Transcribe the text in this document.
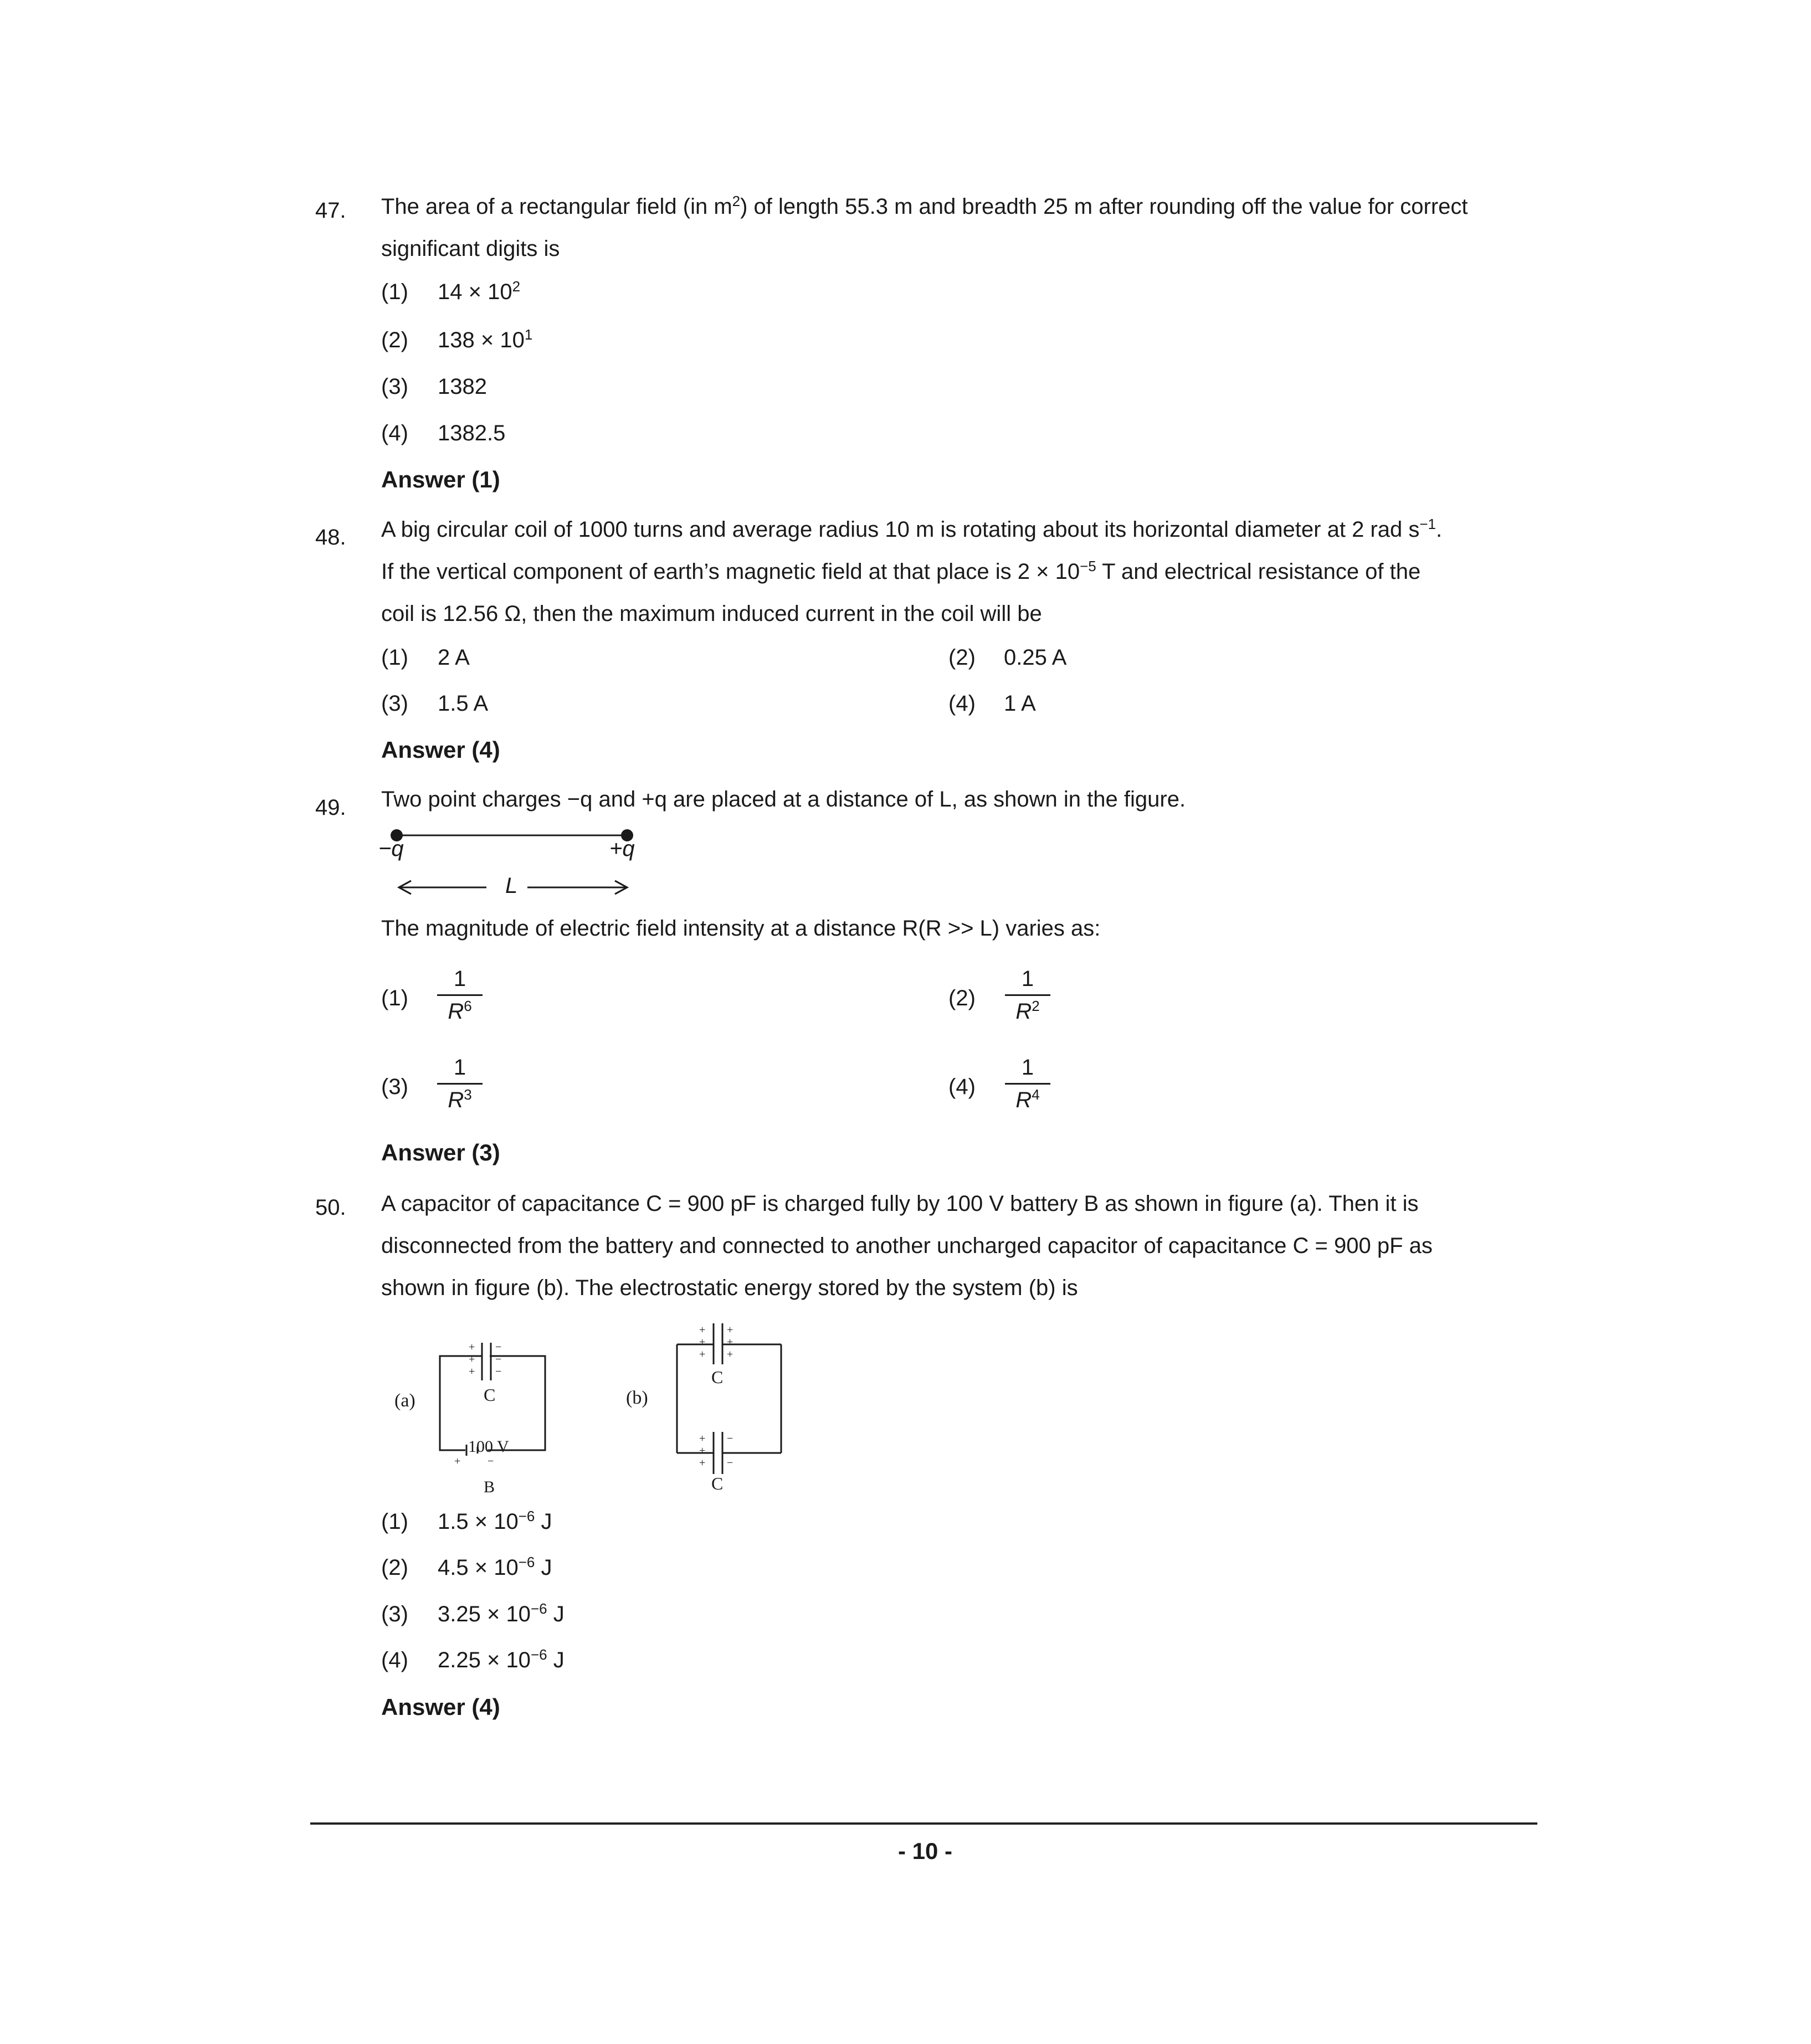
47. The area of a rectangular field (in $m^2$) of length 55.3 m and breadth 25 m after rounding off the value for correct
significant digits is
(1) $14 \times 10^2$
(2) $138 \times 10^1$
(3) 1382
(4) 1382.5
Answer (1)
48. A big circular coil of 1000 turns and average radius 10 m is rotating about its horizontal diameter at 2 rad $s^{-1}$.
If the vertical component of earth’s magnetic field at that place is $2 \times 10^{-5}$ T and electrical resistance of the
coil is 12.56 Ω, then the maximum induced current in the coil will be
(1) 2 A	(2) 0.25 A
(3) 1.5 A	(4) 1 A
Answer (4)
49. Two point charges −q and +q are placed at a distance of L, as shown in the figure.
−q	+q
L
The magnitude of electric field intensity at a distance R(R >> L) varies as:
(1)
1
$R^6$	(2)
1
$R^2$
(3)
1
$R^3$	(4)
1
$R^4$
Answer (3)
50. A capacitor of capacitance C = 900 pF is charged fully by 100 V battery B as shown in figure (a). Then it is
disconnected from the battery and connected to another uncharged capacitor of capacitance C = 900 pF as
shown in figure (b). The electrostatic energy stored by the system (b) is
+
+
+
−
−
−
+ −
(a)	C
100 V
B
+
+
+
+
+
+
+
+
+
−
−
(b)
C
C
(1) $1.5 \times 10^{-6}$ J
(2) $4.5 \times 10^{-6}$ J
(3) $3.25 \times 10^{-6}$ J
(4) $2.25 \times 10^{-6}$ J
Answer (4)
- 10 -
